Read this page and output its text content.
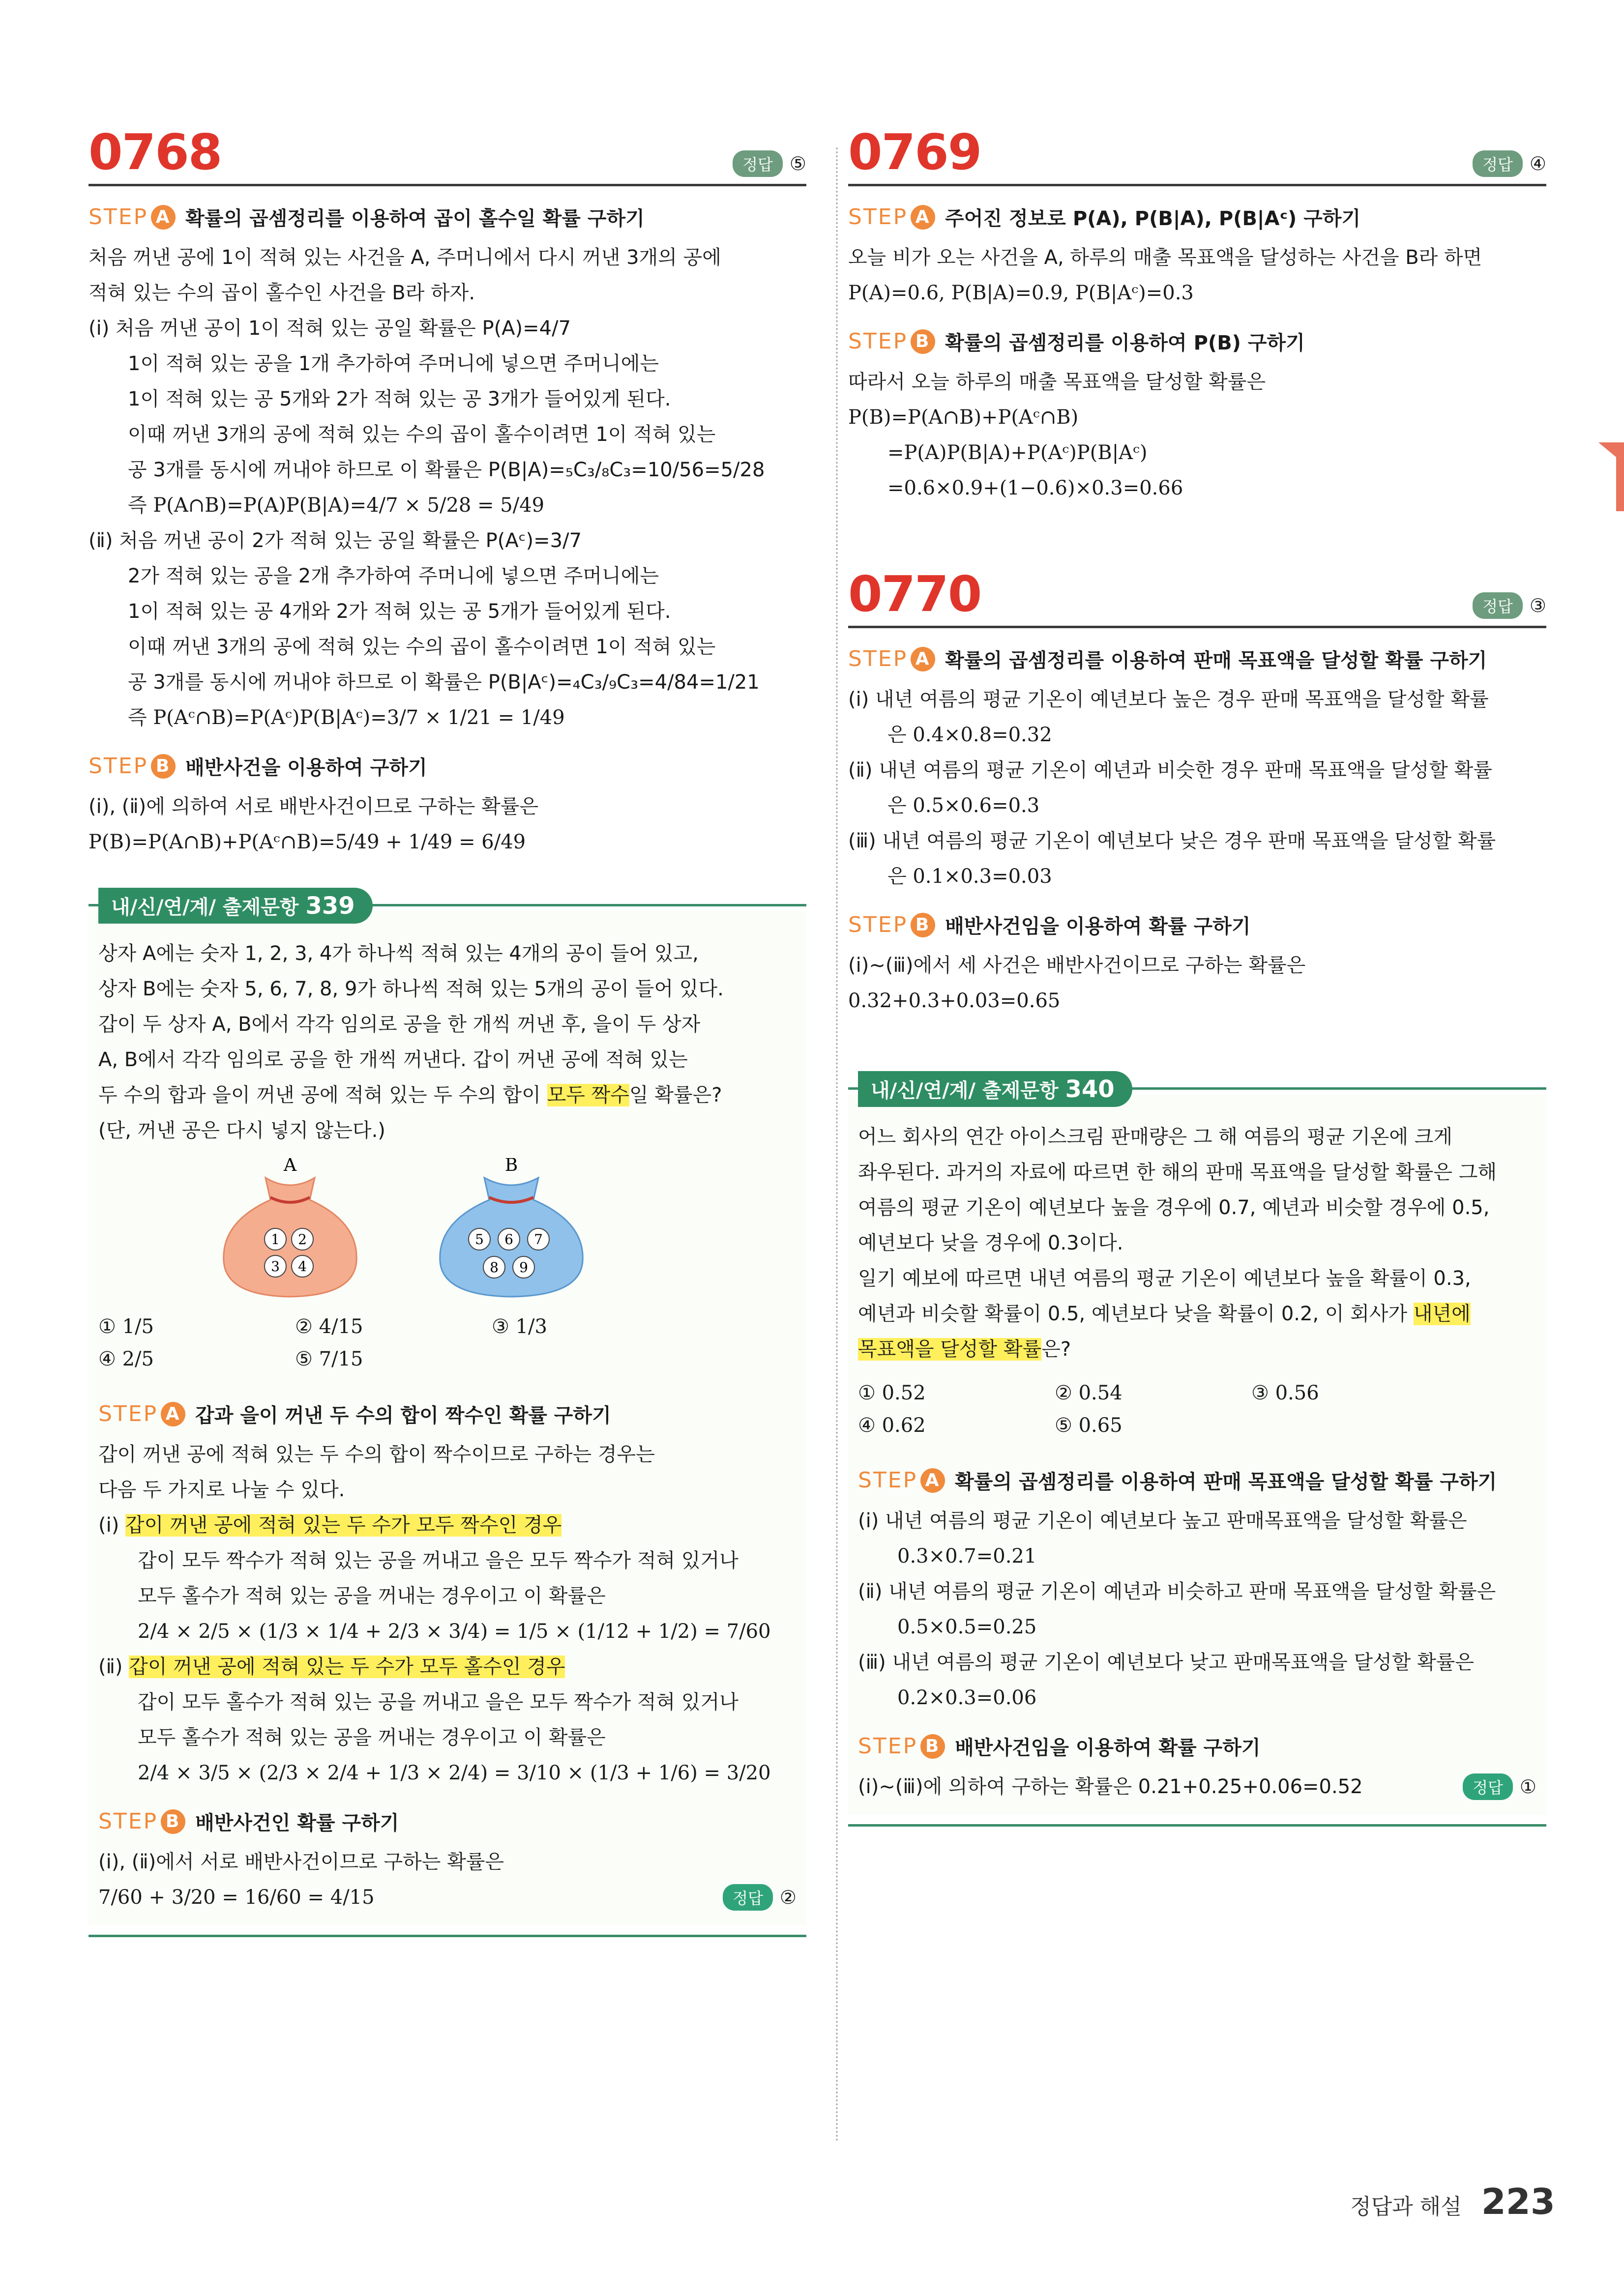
0768	정답 ⑤
STEP A 확률의 곱셈정리를 이용하여 곱이 홀수일 확률 구하기

처음 꺼낸 공에 1이 적혀 있는 사건을 A, 주머니에서 다시 꺼낸 3개의 공에

적혀 있는 수의 곱이 홀수인 사건을 B라 하자.

(ⅰ) 처음 꺼낸 공이 1이 적혀 있는 공일 확률은 P(A)=4/7

1이 적혀 있는 공을 1개 추가하여 주머니에 넣으면 주머니에는

1이 적혀 있는 공 5개와 2가 적혀 있는 공 3개가 들어있게 된다.

이때 꺼낸 3개의 공에 적혀 있는 수의 곱이 홀수이려면 1이 적혀 있는

공 3개를 동시에 꺼내야 하므로 이 확률은 P(B|A)=₅C₃/₈C₃=10/56=5/28

즉 P(A∩B)=P(A)P(B|A)=4/7 × 5/28 = 5/49

(ⅱ) 처음 꺼낸 공이 2가 적혀 있는 공일 확률은 P(Aᶜ)=3/7

2가 적혀 있는 공을 2개 추가하여 주머니에 넣으면 주머니에는

1이 적혀 있는 공 4개와 2가 적혀 있는 공 5개가 들어있게 된다.

이때 꺼낸 3개의 공에 적혀 있는 수의 곱이 홀수이려면 1이 적혀 있는

공 3개를 동시에 꺼내야 하므로 이 확률은 P(B|Aᶜ)=₄C₃/₉C₃=4/84=1/21

즉 P(Aᶜ∩B)=P(Aᶜ)P(B|Aᶜ)=3/7 × 1/21 = 1/49

STEP B 배반사건을 이용하여 구하기

(ⅰ), (ⅱ)에 의하여 서로 배반사건이므로 구하는 확률은

P(B)=P(A∩B)+P(Aᶜ∩B)=5/49 + 1/49 = 6/49

내/신/연/계/ 출제문항 339

상자 A에는 숫자 1, 2, 3, 4가 하나씩 적혀 있는 4개의 공이 들어 있고,

상자 B에는 숫자 5, 6, 7, 8, 9가 하나씩 적혀 있는 5개의 공이 들어 있다.

갑이 두 상자 A, B에서 각각 임의로 공을 한 개씩 꺼낸 후, 을이 두 상자

A, B에서 각각 임의로 공을 한 개씩 꺼낸다. 갑이 꺼낸 공에 적혀 있는

두 수의 합과 을이 꺼낸 공에 적혀 있는 두 수의 합이 모두 짝수일 확률은?

(단, 꺼낸 공은 다시 넣지 않는다.)

A
1 2
3 4
B
5 6 7
8 9
① 1/5	② 4/15	③ 1/3
④ 2/5	⑤ 7/15
STEP A 갑과 을이 꺼낸 두 수의 합이 짝수인 확률 구하기

갑이 꺼낸 공에 적혀 있는 두 수의 합이 짝수이므로 구하는 경우는

다음 두 가지로 나눌 수 있다.

(ⅰ) 갑이 꺼낸 공에 적혀 있는 두 수가 모두 짝수인 경우

갑이 모두 짝수가 적혀 있는 공을 꺼내고 을은 모두 짝수가 적혀 있거나

모두 홀수가 적혀 있는 공을 꺼내는 경우이고 이 확률은

2/4 × 2/5 × (1/3 × 1/4 + 2/3 × 3/4) = 1/5 × (1/12 + 1/2) = 7/60

(ⅱ) 갑이 꺼낸 공에 적혀 있는 두 수가 모두 홀수인 경우

갑이 모두 홀수가 적혀 있는 공을 꺼내고 을은 모두 짝수가 적혀 있거나

모두 홀수가 적혀 있는 공을 꺼내는 경우이고 이 확률은

2/4 × 3/5 × (2/3 × 2/4 + 1/3 × 2/4) = 3/10 × (1/3 + 1/6) = 3/20

STEP B 배반사건인 확률 구하기

(ⅰ), (ⅱ)에서 서로 배반사건이므로 구하는 확률은

7/60 + 3/20 = 16/60 = 4/15	정답 ②
0769	정답 ④
STEP A 주어진 정보로 P(A), P(B|A), P(B|Aᶜ) 구하기

오늘 비가 오는 사건을 A, 하루의 매출 목표액을 달성하는 사건을 B라 하면

P(A)=0.6, P(B|A)=0.9, P(B|Aᶜ)=0.3

STEP B 확률의 곱셈정리를 이용하여 P(B) 구하기

따라서 오늘 하루의 매출 목표액을 달성할 확률은

P(B)=P(A∩B)+P(Aᶜ∩B)

=P(A)P(B|A)+P(Aᶜ)P(B|Aᶜ)

=0.6×0.9+(1−0.6)×0.3=0.66

0770	정답 ③
STEP A 확률의 곱셈정리를 이용하여 판매 목표액을 달성할 확률 구하기

(ⅰ) 내년 여름의 평균 기온이 예년보다 높은 경우 판매 목표액을 달성할 확률

은 0.4×0.8=0.32

(ⅱ) 내년 여름의 평균 기온이 예년과 비슷한 경우 판매 목표액을 달성할 확률

은 0.5×0.6=0.3

(ⅲ) 내년 여름의 평균 기온이 예년보다 낮은 경우 판매 목표액을 달성할 확률

은 0.1×0.3=0.03

STEP B 배반사건임을 이용하여 확률 구하기

(ⅰ)~(ⅲ)에서 세 사건은 배반사건이므로 구하는 확률은

0.32+0.3+0.03=0.65

내/신/연/계/ 출제문항 340

어느 회사의 연간 아이스크림 판매량은 그 해 여름의 평균 기온에 크게

좌우된다. 과거의 자료에 따르면 한 해의 판매 목표액을 달성할 확률은 그해

여름의 평균 기온이 예년보다 높을 경우에 0.7, 예년과 비슷할 경우에 0.5,

예년보다 낮을 경우에 0.3이다.

일기 예보에 따르면 내년 여름의 평균 기온이 예년보다 높을 확률이 0.3,

예년과 비슷할 확률이 0.5, 예년보다 낮을 확률이 0.2, 이 회사가 내년에

목표액을 달성할 확률은?

① 0.52	② 0.54	③ 0.56
④ 0.62	⑤ 0.65
STEP A 확률의 곱셈정리를 이용하여 판매 목표액을 달성할 확률 구하기

(ⅰ) 내년 여름의 평균 기온이 예년보다 높고 판매목표액을 달성할 확률은

0.3×0.7=0.21

(ⅱ) 내년 여름의 평균 기온이 예년과 비슷하고 판매 목표액을 달성할 확률은

0.5×0.5=0.25

(ⅲ) 내년 여름의 평균 기온이 예년보다 낮고 판매목표액을 달성할 확률은

0.2×0.3=0.06

STEP B 배반사건임을 이용하여 확률 구하기

(ⅰ)~(ⅲ)에 의하여 구하는 확률은 0.21+0.25+0.06=0.52	정답 ①
정답과 해설 223
